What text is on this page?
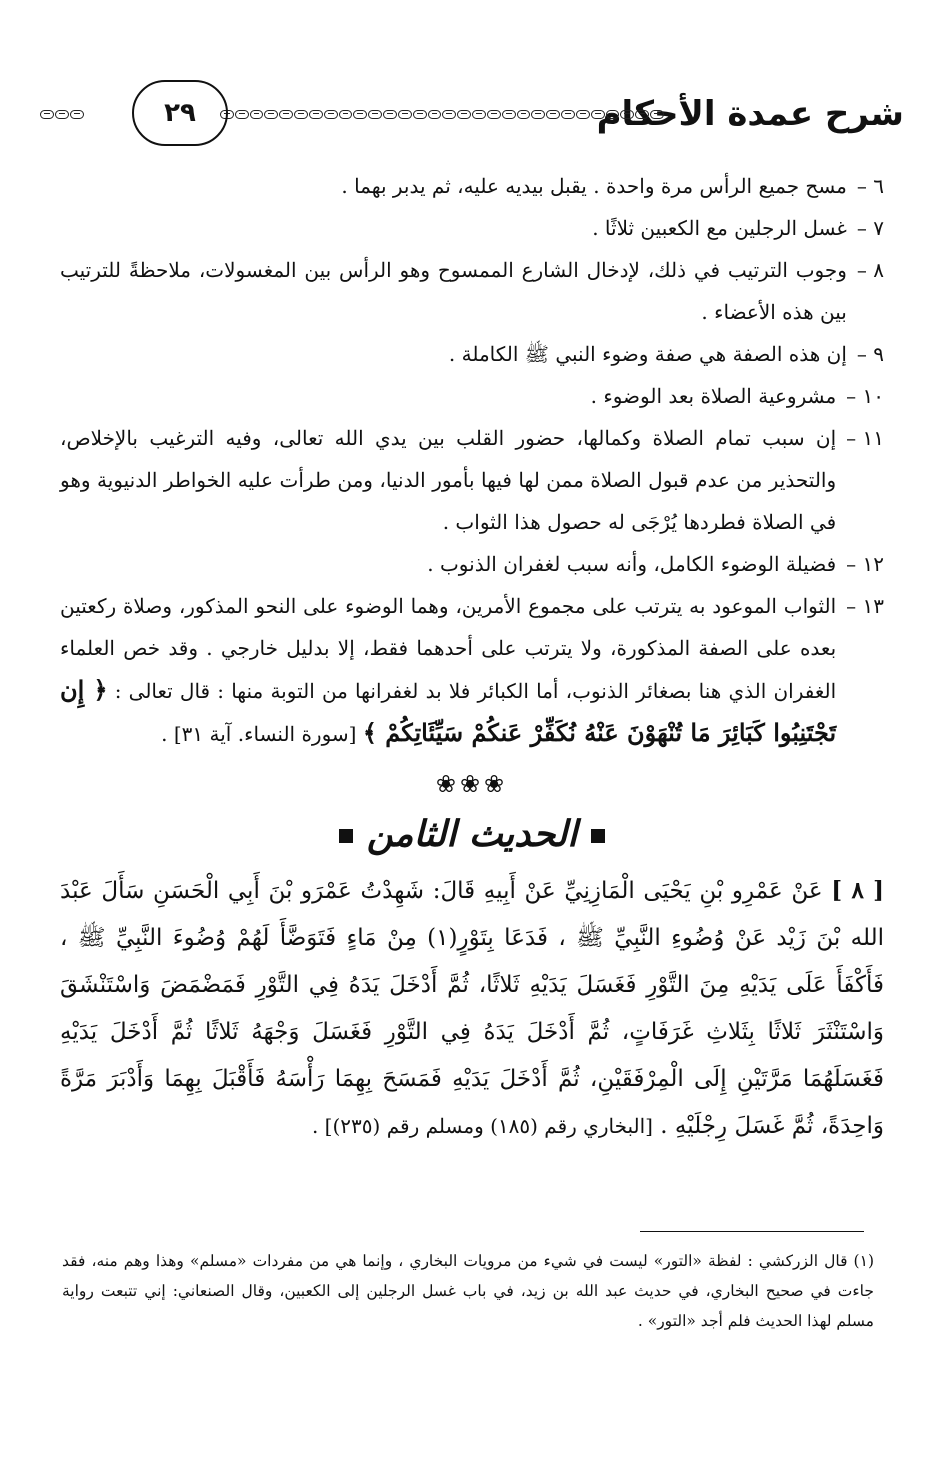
شرح عمدة الأحكام
٢٩
٦ –
مسح جميع الرأس مرة واحدة . يقبل بيديه عليه، ثم يدبر بهما .
٧ –
غسل الرجلين مع الكعبين ثلاثًا .
٨ –
وجوب الترتيب في ذلك، لإدخال الشارع الممسوح وهو الرأس بين المغسولات، ملاحظةً للترتيب بين هذه الأعضاء .
٩ –
إن هذه الصفة هي صفة وضوء النبي ﷺ الكاملة .
١٠ –
مشروعية الصلاة بعد الوضوء .
١١ –
إن سبب تمام الصلاة وكمالها، حضور القلب بين يدي الله تعالى، وفيه الترغيب بالإخلاص، والتحذير من عدم قبول الصلاة ممن لها فيها بأمور الدنيا، ومن طرأت عليه الخواطر الدنيوية وهو في الصلاة فطردها يُرْجَى له حصول هذا الثواب .
١٢ –
فضيلة الوضوء الكامل، وأنه سبب لغفران الذنوب .
١٣ –
الثواب الموعود به يترتب على مجموع الأمرين، وهما الوضوء على النحو المذكور، وصلاة ركعتين بعده على الصفة المذكورة، ولا يترتب على أحدهما فقط، إلا بدليل خارجي . وقد خص العلماء الغفران الذي هنا بصغائر الذنوب، أما الكبائر فلا بد لغفرانها من التوبة منها : قال تعالى : ﴿ إِن تَجْتَنِبُوا كَبَائِرَ مَا تُنْهَوْنَ عَنْهُ نُكَفِّرْ عَنكُمْ سَيِّئَاتِكُمْ ﴾ [سورة النساء. آية ٣١] .
❀❀❀
الحديث الثامن
[ ٨ ] عَنْ عَمْرِو بْنِ يَحْيَى الْمَازِنِيِّ عَنْ أَبِيهِ قَالَ: شَهِدْتُ عَمْرَو بْنَ أَبِي الْحَسَنِ سَأَلَ عَبْدَ الله بْنَ زَيْد عَنْ وُضُوءِ النَّبِيِّ ﷺ ، فَدَعَا بِتَوْرٍ(١) مِنْ مَاءٍ فَتَوَضَّأَ لَهُمْ وُضُوءَ النَّبِيِّ ﷺ ، فَأَكْفَأَ عَلَى يَدَيْهِ مِنَ التَّوْرِ فَغَسَلَ يَدَيْهِ ثَلاثًا، ثُمَّ أَدْخَلَ يَدَهُ فِي التَّوْرِ فَمَضْمَضَ وَاسْتَنْشَقَ وَاسْتَنْثَرَ ثَلاثًا بِثَلاثِ غَرَفَاتٍ، ثُمَّ أَدْخَلَ يَدَهُ فِي التَّوْرِ فَغَسَلَ وَجْهَهُ ثَلاثًا ثُمَّ أَدْخَلَ يَدَيْهِ فَغَسَلَهُمَا مَرَّتَيْنِ إِلَى الْمِرْفَقَيْنِ، ثُمَّ أَدْخَلَ يَدَيْهِ فَمَسَحَ بِهِمَا رَأْسَهُ فَأَقْبَلَ بِهِمَا وَأَدْبَرَ مَرَّةً وَاحِدَةً، ثُمَّ غَسَلَ رِجْلَيْهِ . [البخاري رقم (١٨٥) ومسلم رقم (٢٣٥)] .
(١) قال الزركشي : لفظة «التور» ليست في شيء من مرويات البخاري ، وإنما هي من مفردات «مسلم» وهذا وهم منه، فقد جاءت في صحيح البخاري، في حديث عبد الله بن زيد، في باب غسل الرجلين إلى الكعبين، وقال الصنعاني: إني تتبعت رواية مسلم لهذا الحديث فلم أجد «التور» .
